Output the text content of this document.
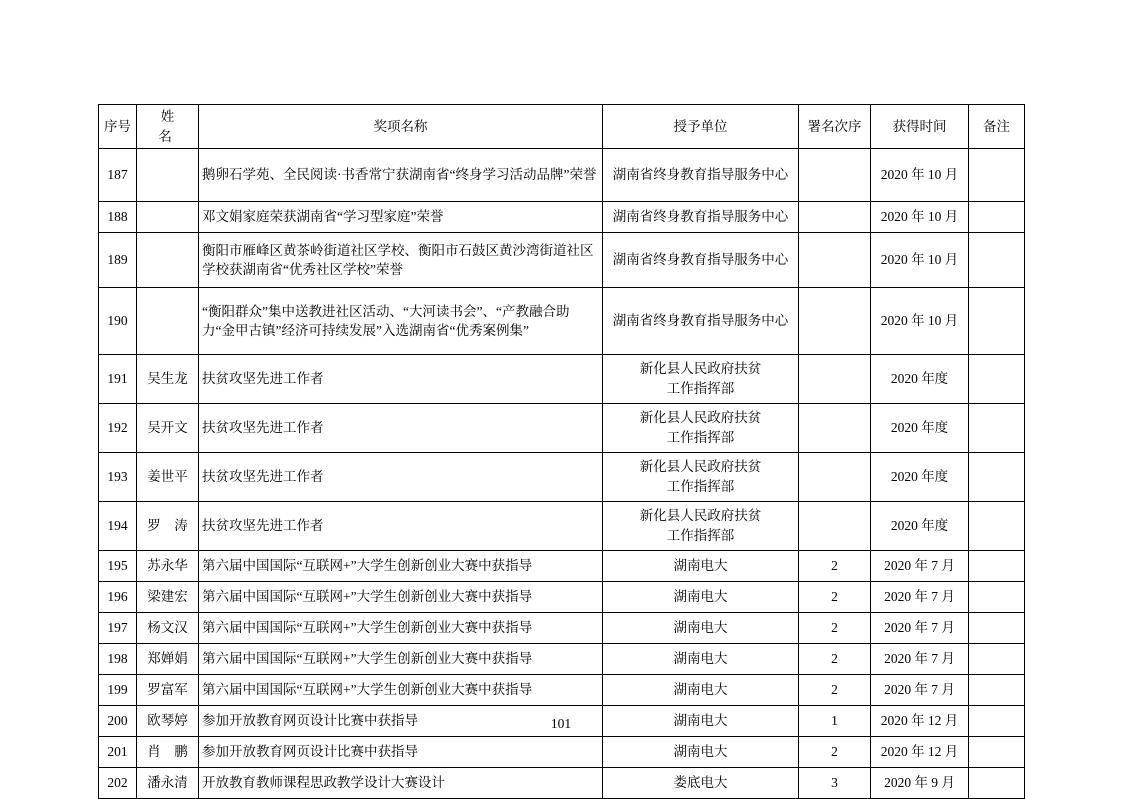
序号	姓　　名	奖项名称	授予单位	署名次序	获得时间	备注
187		鹅卵石学苑、全民阅读·书香常宁获湖南省“终身学习活动品牌”荣誉	湖南省终身教育指导服务中心		2020 年 10 月	
188		邓文娟家庭荣获湖南省“学习型家庭”荣誉	湖南省终身教育指导服务中心		2020 年 10 月	
189		衡阳市雁峰区黄茶岭街道社区学校、衡阳市石鼓区黄沙湾街道社区学校获湖南省“优秀社区学校”荣誉	湖南省终身教育指导服务中心		2020 年 10 月	
190		“衡阳群众”集中送教进社区活动、“大河读书会”、“产教融合助力“金甲古镇”经济可持续发展”入选湖南省“优秀案例集”	湖南省终身教育指导服务中心		2020 年 10 月	
191	吴生龙	扶贫攻坚先进工作者	新化县人民政府扶贫
工作指挥部		2020 年度	
192	吴开文	扶贫攻坚先进工作者	新化县人民政府扶贫
工作指挥部		2020 年度	
193	姜世平	扶贫攻坚先进工作者	新化县人民政府扶贫
工作指挥部		2020 年度	
194	罗　涛	扶贫攻坚先进工作者	新化县人民政府扶贫
工作指挥部		2020 年度	
195	苏永华	第六届中国国际“互联网+”大学生创新创业大赛中获指导	湖南电大	2	2020 年 7 月	
196	梁建宏	第六届中国国际“互联网+”大学生创新创业大赛中获指导	湖南电大	2	2020 年 7 月	
197	杨文汉	第六届中国国际“互联网+”大学生创新创业大赛中获指导	湖南电大	2	2020 年 7 月	
198	郑婵娟	第六届中国国际“互联网+”大学生创新创业大赛中获指导	湖南电大	2	2020 年 7 月	
199	罗富军	第六届中国国际“互联网+”大学生创新创业大赛中获指导	湖南电大	2	2020 年 7 月	
200	欧琴婷	参加开放教育网页设计比赛中获指导	湖南电大	1	2020 年 12 月	
201	肖　鹏	参加开放教育网页设计比赛中获指导	湖南电大	2	2020 年 12 月	
202	潘永清	开放教育教师课程思政教学设计大赛设计	娄底电大	3	2020 年 9 月	
101
